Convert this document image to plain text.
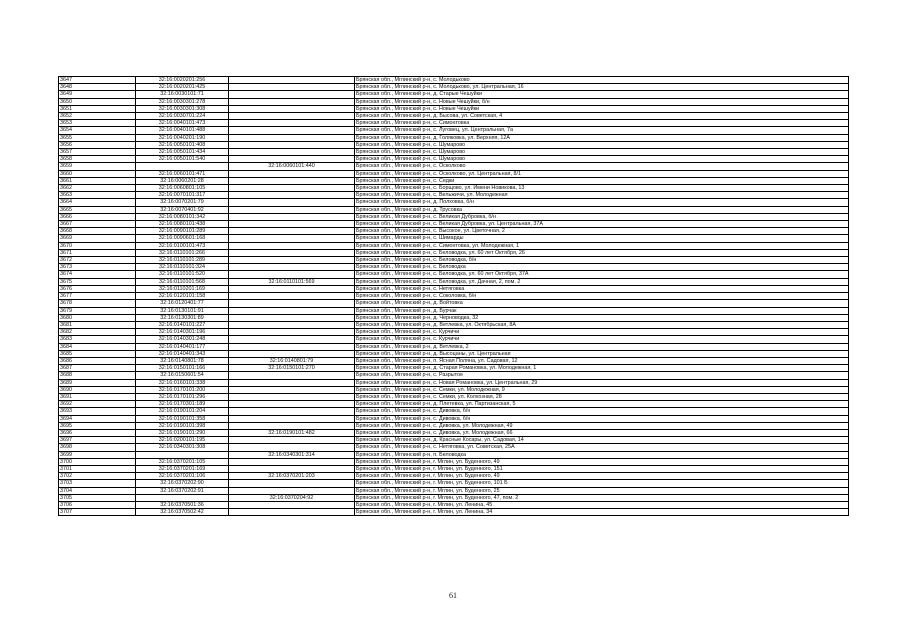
3647	32:16:0020201:256		Брянская обл., Мглинский р-н, с. Молодьково
3648	32:16:0020201:425		Брянская обл., Мглинский р-н, с. Молодьково, ул. Центральная, 16
3649	32:16:0030101:71		Брянская обл., Мглинский р-н, д. Старые Чешуйки
3650	32:16:0030301:278		Брянская обл., Мглинский р-н, с. Новые Чешуйки, б/н
3651	32:16:0030301:308		Брянская обл., Мглинский р-н, с. Новые Чешуйки
3652	32:16:0030701:224		Брянская обл., Мглинский р-н, д. Бысова, ул. Советская, 4
3653	32:16:0040101:473		Брянская обл., Мглинский р-н, с. Симонтовка
3654	32:16:0040101:488		Брянская обл., Мглинский р-н, с. Луговец, ул. Центральная, 7а
3655	32:16:0040201:190		Брянская обл., Мглинский р-н, д. Голяковка, ул. Верхняя, 12А
3656	32:16:0050101:408		Брянская обл., Мглинский р-н, с. Шумарово
3657	32:16:0050101:434		Брянская обл., Мглинский р-н, с. Шумарово
3658	32:16:0050101:540		Брянская обл., Мглинский р-н, с. Шумарово
3659		32:16:0060101:440	Брянская обл., Мглинский р-н, с. Осколково
3660	32:16:0060101:471		Брянская обл., Мглинский р-н, с. Осколково, ул. Центральная, 8/1
3661	32:16:0060201:28		Брянская обл., Мглинский р-н, с. Седки
3662	32:16:0060801:105		Брянская обл., Мглинский р-н, с. Борщово, ул. Имени Новикова, 13
3663	32:16:0070101:317		Брянская обл., Мглинский р-н, с. Вельжичи, ул. Молодежная
3664	32:16:0070201:79		Брянская обл., Мглинский р-н, д. Полховка, б/н
3665	32:16:0070401:92		Брянская обл., Мглинский р-н, д. Трусовка
3666	32:16:0080101:342		Брянская обл., Мглинский р-н, с. Великая Дубровка, б/н
3667	32:16:0080101:438		Брянская обл., Мглинский р-н, с. Великая Дубровка, ул. Центральная, 37А
3668	32:16:0090101:289		Брянская обл., Мглинский р-н, с. Высокое, ул. Цветочная, 2
3669	32:16:0090601:168		Брянская обл., Мглинский р-н, с. Шимарды
3670	32:16:0100101:473		Брянская обл., Мглинский р-н, с. Симонтовка, ул. Молодежная, 1
3671	32:16:0110101:266		Брянская обл., Мглинский р-н, с. Беловодка, ул. 60 лет Октября, 26
3672	32:16:0110101:289		Брянская обл., Мглинский р-н, с. Беловодка, б/н
3673	32:16:0110101:324		Брянская обл., Мглинский р-н, с. Беловодка
3674	32:16:0110101:520		Брянская обл., Мглинский р-н, с. Беловодка, ул. 60 лет Октября, 37А
3675	32:16:0110101:568	32:16:0110101:569	Брянская обл., Мглинский р-н, с. Беловодка, ул. Дачная, 2, пом. 2
3676	32:16:0110201:169		Брянская обл., Мглинский р-н, с. Нетяговка
3677	32:16:0120101:158		Брянская обл., Мглинский р-н, с. Соколовка, б/н
3678	32:16:0120401:77		Брянская обл., Мглинский р-н, д. Войтовка
3679	32:16:0130101:91		Брянская обл., Мглинский р-н, д. Бурчак
3680	32:16:0130301:89		Брянская обл., Мглинский р-н, д. Черноводка, 32
3681	32:16:0140101:227		Брянская обл., Мглинский р-н, д. Ветлевка, ул. Октябрьская, 8А
3682	32:16:0140301:196		Брянская обл., Мглинский р-н, с. Курчичи
3683	32:16:0140301:248		Брянская обл., Мглинский р-н, с. Курчичи
3684	32:16:0140401:177		Брянская обл., Мглинский р-н, д. Ветлевка, 2
3685	32:16:0140401:343		Брянская обл., Мглинский р-н, д. Высоцаны, ул. Центральная
3686	32:16:0140801:78	32:16:0140801:79	Брянская обл., Мглинский р-н, п. Ясная Поляна, ул. Садовая, 12
3687	32:16:0150101:166	32:16:0150101:270	Брянская обл., Мглинский р-н, д. Старая Романовка, ул. Молодежная, 1
3688	32:16:0150601:54		Брянская обл., Мглинский р-н, с. Разрытое
3689	32:16:0160101:338		Брянская обл., Мглинский р-н, с. Новая Романовка, ул. Центральная, 29
3690	32:16:0170101:200		Брянская обл., Мглинский р-н, с. Семки, ул. Молодежная, 9
3691	32:16:0170101:296		Брянская обл., Мглинский р-н, с. Семки, ул. Колхозная, 28
3692	32:16:0170301:189		Брянская обл., Мглинский р-н, д. Плетевка, ул. Партизанская, 5
3693	32:16:0190101:204		Брянская обл., Мглинский р-н, с. Дивовка, б/н
3694	32:16:0190101:358		Брянская обл., Мглинский р-н, с. Дивовка, б/н
3695	32:16:0190101:398		Брянская обл., Мглинский р-н, с. Дивовка, ул. Молодежная, 49
3696	32:16:0190101:290	32:16:0190101:482	Брянская обл., Мглинский р-н, с. Дивовка, ул. Молодежная, 66
3697	32:16:0200101:195		Брянская обл., Мглинский р-н, д. Красные Косары, ул. Садовая, 14
3698	32:16:0340301:308		Брянская обл., Мглинский р-н, с. Нетяговка, ул. Советская, 25А
3699		32:16:0340301:314	Брянская обл., Мглинский р-н, п. Беловодка
3700	32:16:0370201:105		Брянская обл., Мглинский р-н, г. Мглин, ул. Буденного, 49
3701	32:16:0370201:169		Брянская обл., Мглинский р-н, г. Мглин, ул. Буденного, 151
3702	32:16:0370201:106	32:16:0370201:203	Брянская обл., Мглинский р-н, г. Мглин, ул. Буденного, 49
3703	32:16:0370202:90		Брянская обл., Мглинский р-н, г. Мглин, ул. Буденного, 101 Б
3704	32:16:0370202:91		Брянская обл., Мглинский р-н, г. Мглин, ул. Буденного, 25
3705		32:16:0370204:92	Брянская обл., Мглинский р-н, г. Мглин, ул. Буденного, 47, пом. 2
3706	32:16:0370501:36		Брянская обл., Мглинский р-н, г. Мглин, ул. Ленина, 45
3707	32:16:0370502:42		Брянская обл., Мглинский р-н, г. Мглин, ул. Ленина, 34
61
